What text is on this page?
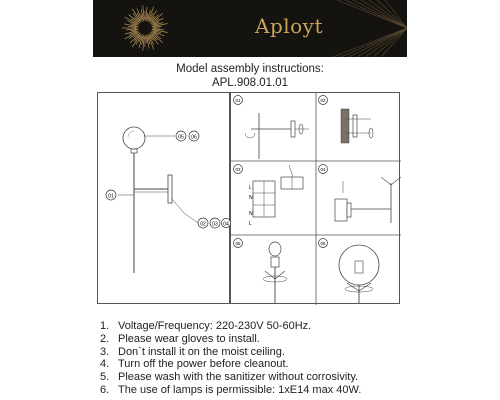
Aployt
Model assembly instructions:
APL.908.01.01
01
05 06
02 03 04
01	02
03
L
N
N
L
04
05	06
1. Voltage/Frequency: 220-230V 50-60Hz.
2. Please wear gloves to install.
3. Don`t install it on the moist ceiling.
4. Turn off the power before cleanout.
5. Please wash with the sanitizer without corrosivity.
6. The use of lamps is permissible: 1xE14 max 40W.
